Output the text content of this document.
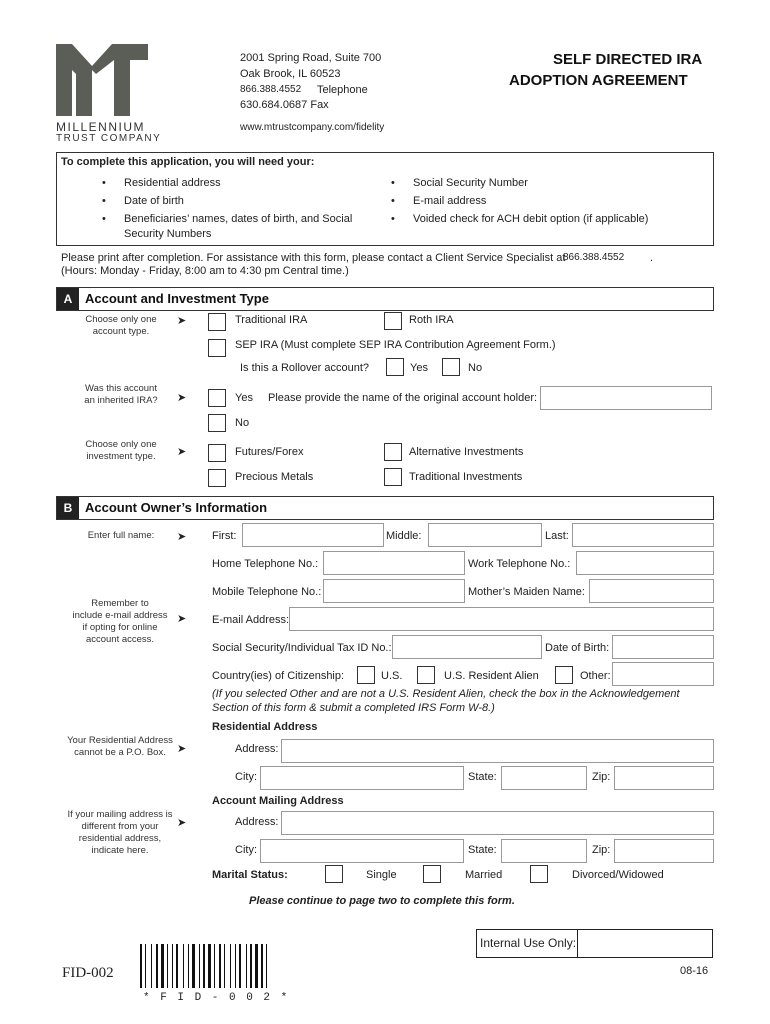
MILLENNIUM
TRUST COMPANY
2001 Spring Road, Suite 700
Oak Brook, IL 60523
866.388.4552 Telephone
630.684.0687 Fax
www.mtrustcompany.com/fidelity
SELF DIRECTED IRA
ADOPTION AGREEMENT
To complete this application, you will need your:
• Residential address
• Date of birth
• Beneficiaries’ names, dates of birth, and Social
Security Numbers
• Social Security Number
• E-mail address
• Voided check for ACH debit option (if applicable)
Please print after completion. For assistance with this form, please contact a Client Service Specialist at
866.388.4552 .
(Hours: Monday - Friday, 8:00 am to 4:30 pm Central time.)
A Account and Investment Type
Choose only one
account type.
➤	Traditional IRA	Roth IRA
SEP IRA (Must complete SEP IRA Contribution Agreement Form.)
Is this a Rollover account?	Yes	No
Was this account
an inherited IRA?	➤	Yes Please provide the name of the original account holder:
No
Choose only one
investment type.	➤	Futures/Forex	Alternative Investments
Precious Metals	Traditional Investments
B Account Owner’s Information
Enter full name:	➤ First:	Middle:	Last:
Home Telephone No.:	Work Telephone No.:
Mobile Telephone No.:	Mother’s Maiden Name:
Remember to
include e-mail address
if opting for online
account access.
➤ E-mail Address:
Social Security/Individual Tax ID No.:	Date of Birth:
Country(ies) of Citizenship:	U.S.	U.S. Resident Alien	Other:
(If you selected Other and are not a U.S. Resident Alien, check the box in the Acknowledgement
Section of this form & submit a completed IRS Form W-8.)
Residential Address
Your Residential Address
cannot be a P.O. Box.	➤	Address:
City:	State:	Zip:
Account Mailing Address
If your mailing address is
different from your
residential address,
indicate here.
➤	Address:
City:	State:	Zip:
Marital Status:	Single	Married	Divorced/Widowed
Please continue to page two to complete this form.
Internal Use Only:
FID-002
* F I D - 0 0 2 *
08-16
